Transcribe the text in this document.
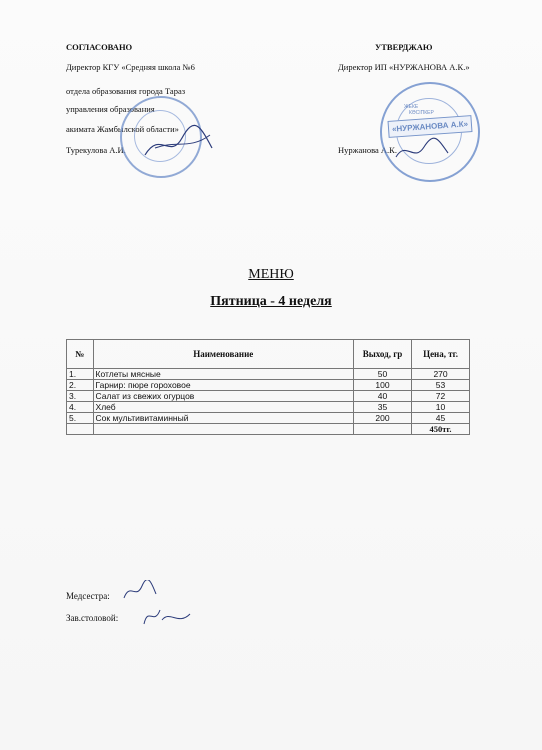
СОГЛАСОВАНО
Директор КГУ «Средняя школа №6
отдела образования города Тараз
управления образования
акимата Жамбылской области»
Турекулова А.И.
УТВЕРДЖАЮ
Директор ИП «НУРЖАНОВА А.К.»
Нуржанова А.К.
ЖЕКЕ
КӘСІПКЕР
«НУРЖАНОВА А.К»
МЕНЮ
Пятница - 4 неделя
№	Наименование	Выход, гр	Цена, тг.
1.	Котлеты мясные	50	270
2.	Гарнир: пюре гороховое	100	53
3.	Салат из свежих огурцов	40	72
4.	Хлеб	35	10
5.	Сок мультивитаминный	200	45
			450тг.
Медсестра:
Зав.столовой:
